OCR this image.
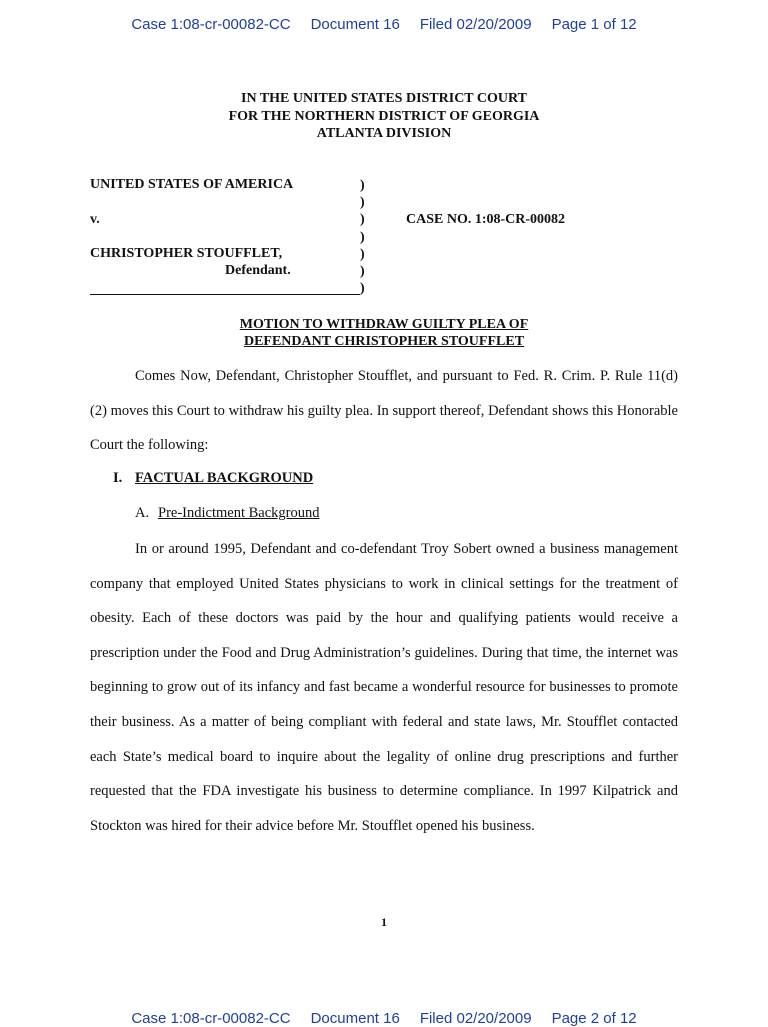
Case 1:08-cr-00082-CC Document 16 Filed 02/20/2009 Page 1 of 12
IN THE UNITED STATES DISTRICT COURT
FOR THE NORTHERN DISTRICT OF GEORGIA
ATLANTA DIVISION
UNITED STATES OF AMERICA
v.	CASE NO. 1:08-CR-00082
CHRISTOPHER STOUFFLET,
Defendant.
)
)
)
)
)
)
)
MOTION TO WITHDRAW GUILTY PLEA OF
DEFENDANT CHRISTOPHER STOUFFLET
Comes Now, Defendant, Christopher Stoufflet, and pursuant to Fed. R. Crim. P. Rule 11(d) (2) moves this Court to withdraw his guilty plea. In support thereof, Defendant shows this Honorable Court the following:
I. FACTUAL BACKGROUND
A. Pre-Indictment Background
In or around 1995, Defendant and co-defendant Troy Sobert owned a business management company that employed United States physicians to work in clinical settings for the treatment of obesity. Each of these doctors was paid by the hour and qualifying patients would receive a prescription under the Food and Drug Administration’s guidelines. During that time, the internet was beginning to grow out of its infancy and fast became a wonderful resource for businesses to promote their business. As a matter of being compliant with federal and state laws, Mr. Stoufflet contacted each State’s medical board to inquire about the legality of online drug prescriptions and further requested that the FDA investigate his business to determine compliance. In 1997 Kilpatrick and Stockton was hired for their advice before Mr. Stoufflet opened his business.
1
Case 1:08-cr-00082-CC Document 16 Filed 02/20/2009 Page 2 of 12
